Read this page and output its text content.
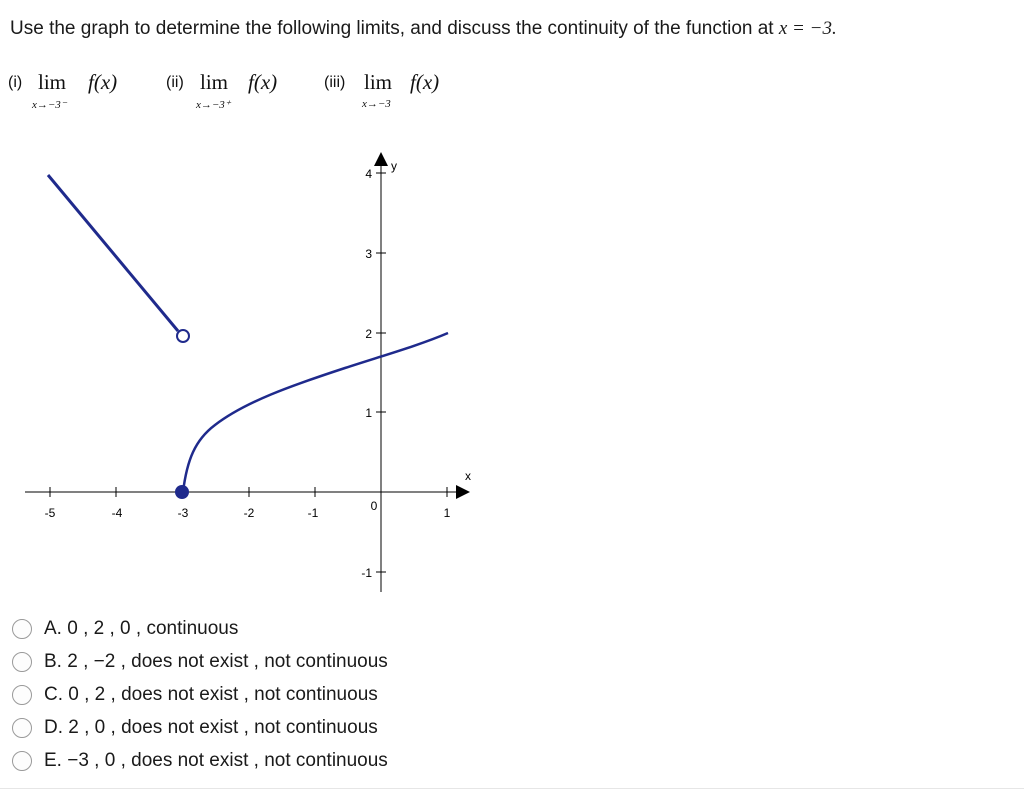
Use the graph to determine the following limits, and discuss the continuity of the function at x = −3.
(i) lim f(x)
x→−3⁻
(ii) lim f(x)
x→−3⁺
(iii) lim f(x)
x→−3
x
y
-5	-4	-3	-2	-1	0	1
4
3
2
1
-1
A. 0 , 2 , 0 , continuous
B. 2 , −2 , does not exist , not continuous
C. 0 , 2 , does not exist , not continuous
D. 2 , 0 , does not exist , not continuous
E. −3 , 0 , does not exist , not continuous
